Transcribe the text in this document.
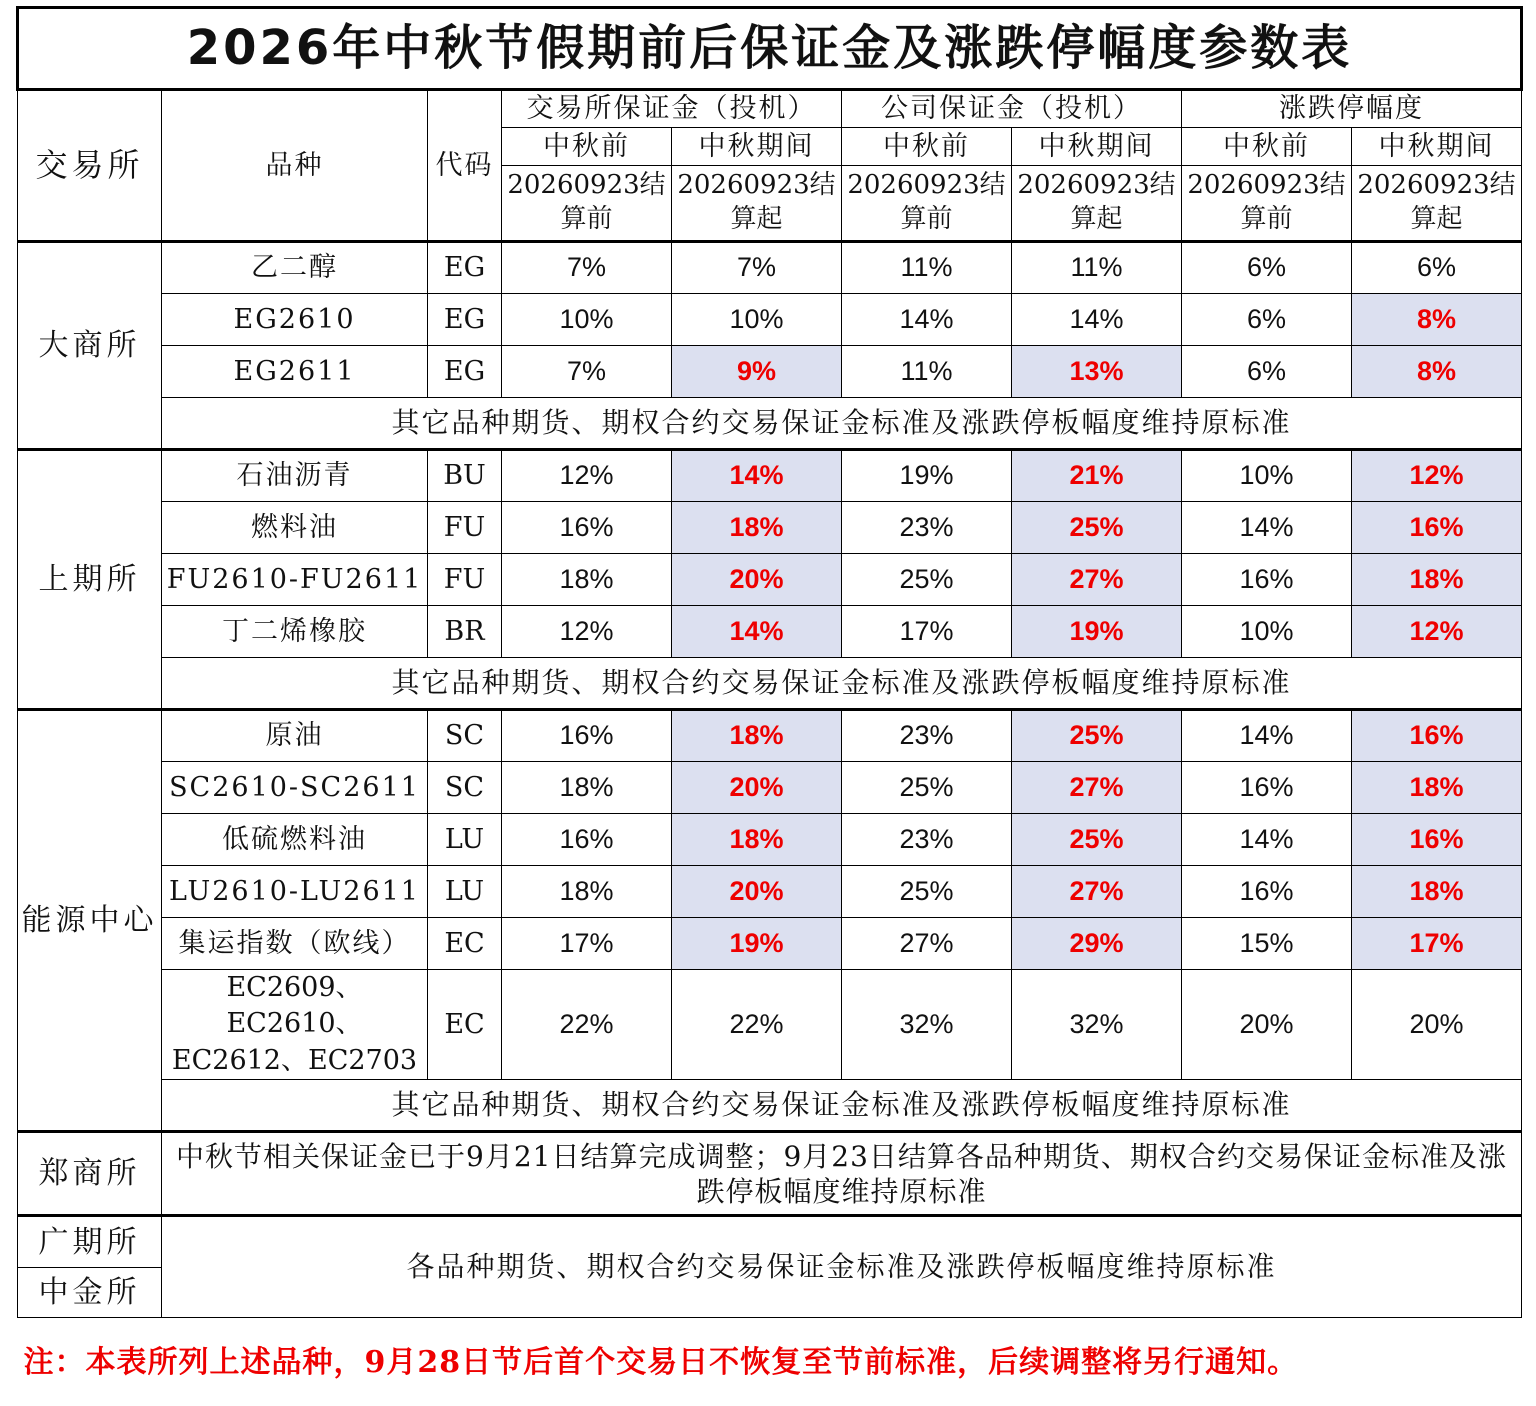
2026年中秋节假期前后保证金及涨跌停幅度参数表								
交易所	品种	代码	交易所保证金（投机）		公司保证金（投机）		涨跌停幅度	
			中秋前	中秋期间	中秋前	中秋期间	中秋前	中秋期间
			20260923结算前	20260923结算起	20260923结算前	20260923结算起	20260923结算前	20260923结算起
大商所	乙二醇	EG	7%	7%	11%	11%	6%	6%
	EG2610	EG	10%	10%	14%	14%	6%	8%
	EG2611	EG	7%	9%	11%	13%	6%	8%
	其它品种期货、期权合约交易保证金标准及涨跌停板幅度维持原标准							
上期所	石油沥青	BU	12%	14%	19%	21%	10%	12%
	燃料油	FU	16%	18%	23%	25%	14%	16%
	FU2610-FU2611	FU	18%	20%	25%	27%	16%	18%
	丁二烯橡胶	BR	12%	14%	17%	19%	10%	12%
	其它品种期货、期权合约交易保证金标准及涨跌停板幅度维持原标准							
能源中心	原油	SC	16%	18%	23%	25%	14%	16%
	SC2610-SC2611	SC	18%	20%	25%	27%	16%	18%
	低硫燃料油	LU	16%	18%	23%	25%	14%	16%
	LU2610-LU2611	LU	18%	20%	25%	27%	16%	18%
	集运指数（欧线）	EC	17%	19%	27%	29%	15%	17%
	EC2609、EC2610、EC2612、EC2703	EC	22%	22%	32%	32%	20%	20%
	其它品种期货、期权合约交易保证金标准及涨跌停板幅度维持原标准							
郑商所	中秋节相关保证金已于9月21日结算完成调整；9月23日结算各品种期货、期权合约交易保证金标准及涨跌停板幅度维持原标准							
广期所	各品种期货、期权合约交易保证金标准及涨跌停板幅度维持原标准							
中金所								
注：本表所列上述品种，9月28日节后首个交易日不恢复至节前标准，后续调整将另行通知。								
